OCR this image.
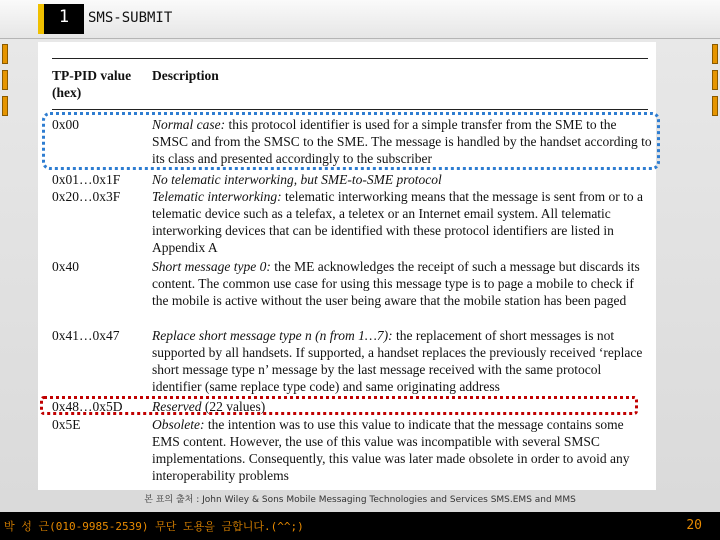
1	SMS-SUBMIT
TP-PID value (hex)
Description
0x00	Normal case: this protocol identifier is used for a simple transfer from the SME to the SMSC and from the SMSC to the SME. The message is handled by the handset according to its class and presented accordingly to the subscriber
0x01…0x1F No telematic interworking, but SME-to-SME protocol
0x20…0x3F Telematic interworking: telematic interworking means that the message is sent from or to a telematic device such as a telefax, a teletex or an Internet email system. All telematic interworking devices that can be identified with these protocol identifiers are listed in Appendix A
0x40	Short message type 0: the ME acknowledges the receipt of such a message but discards its content. The common use case for using this message type is to page a mobile to check if the mobile is active without the user being aware that the mobile station has been paged
0x41…0x47 Replace short message type n (n from 1…7): the replacement of short messages is not supported by all handsets. If supported, a handset replaces the previously received ‘replace short message type n’ message by the last message received with the same protocol identifier (same replace type code) and same originating address
0x48…0x5D Reserved (22 values)
0x5E	Obsolete: the intention was to use this value to indicate that the message contains some EMS content. However, the use of this value was incompatible with several SMSC implementations. Consequently, this value was later made obsolete in order to avoid any interoperability problems
본 표의 출처 : John Wiley & Sons Mobile Messaging Technologies and Services SMS.EMS and MMS
박 성 근(010-9985-2539) 무단 도용을 금합니다.(^^;)	20
